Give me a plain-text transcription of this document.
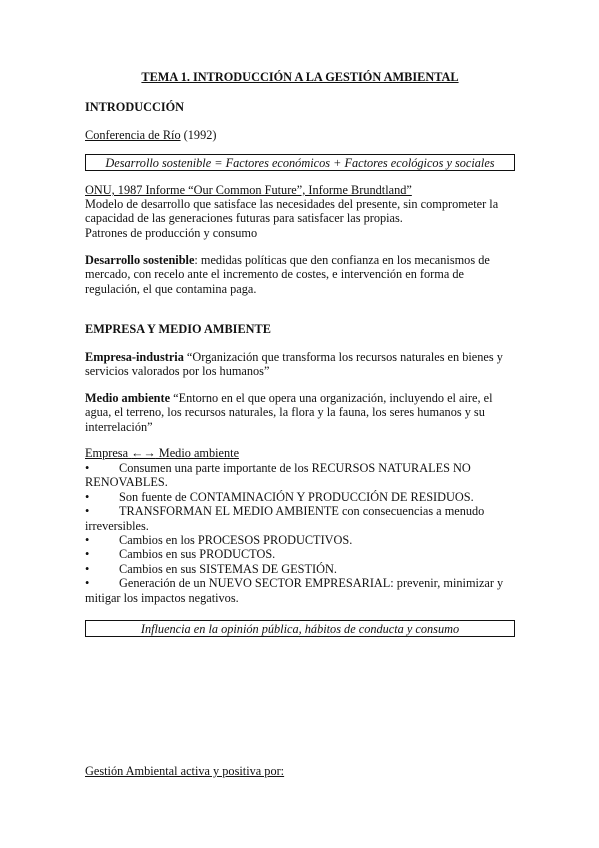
TEMA 1. INTRODUCCIÓN A LA GESTIÓN AMBIENTAL
INTRODUCCIÓN
Conferencia de Río (1992)
Desarrollo sostenible = Factores económicos + Factores ecológicos y sociales
ONU, 1987 Informe “Our Common Future”, Informe Brundtland”
Modelo de desarrollo que satisface las necesidades del presente, sin comprometer la capacidad de las generaciones futuras para satisfacer las propias.
Patrones de producción y consumo
Desarrollo sostenible: medidas políticas que den confianza en los mecanismos de mercado, con recelo ante el incremento de costes, e intervención en forma de regulación, el que contamina paga.
EMPRESA Y MEDIO AMBIENTE
Empresa-industria “Organización que transforma los recursos naturales en bienes y servicios valorados por los humanos”
Medio ambiente “Entorno en el que opera una organización, incluyendo el aire, el agua, el terreno, los recursos naturales, la flora y la fauna, los seres humanos y su interrelación”
Empresa ←→ Medio ambiente
•	Consumen una parte importante de los RECURSOS NATURALES NO RENOVABLES.
•	Son fuente de CONTAMINACIÓN Y PRODUCCIÓN DE RESIDUOS.
•	TRANSFORMAN EL MEDIO AMBIENTE con consecuencias a menudo irreversibles.
•	Cambios en los PROCESOS PRODUCTIVOS.
•	Cambios en sus PRODUCTOS.
•	Cambios en sus SISTEMAS DE GESTIÓN.
•	Generación de un NUEVO SECTOR EMPRESARIAL: prevenir, minimizar y mitigar los impactos negativos.
Influencia en la opinión pública, hábitos de conducta y consumo
Gestión Ambiental activa y positiva por:
